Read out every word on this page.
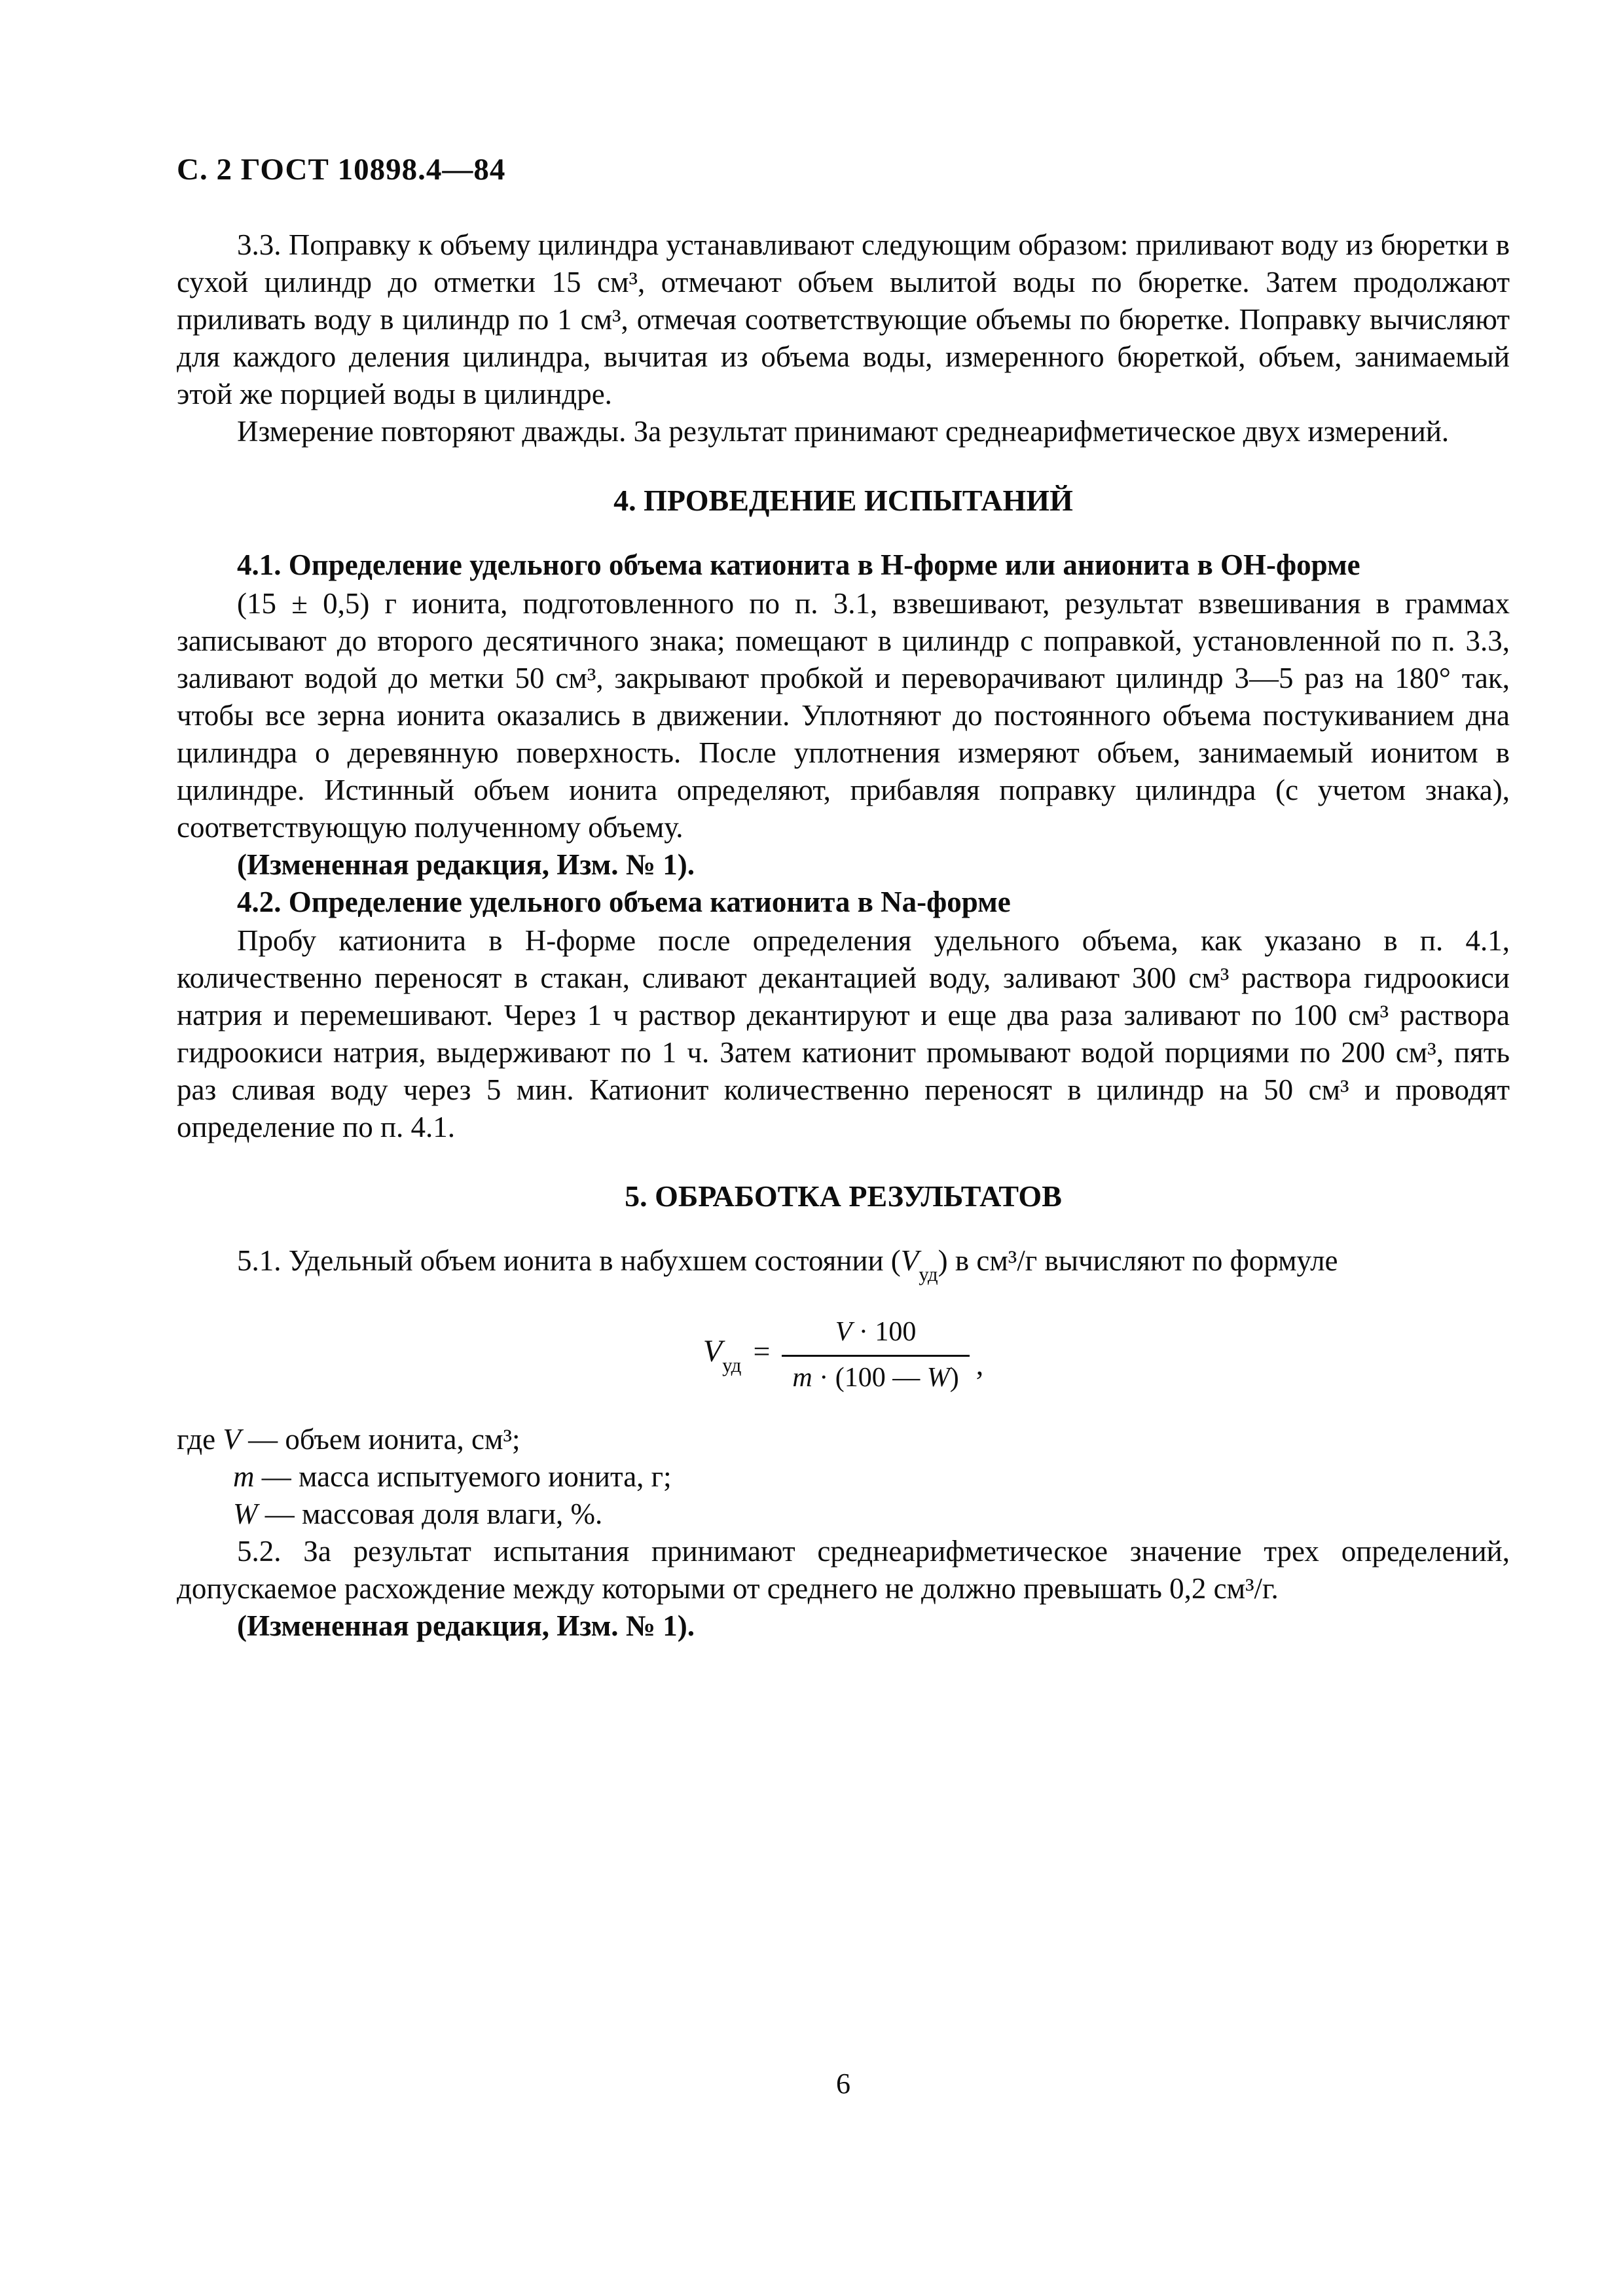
С. 2 ГОСТ 10898.4—84

3.3. Поправку к объему цилиндра устанавливают следующим образом: приливают воду из бюретки в сухой цилиндр до отметки 15 см³, отмечают объем вылитой воды по бюретке. Затем продолжают приливать воду в цилиндр по 1 см³, отмечая соответствующие объемы по бюретке. Поправку вычисляют для каждого деления цилиндра, вычитая из объема воды, измеренного бюреткой, объем, занимаемый этой же порцией воды в цилиндре.

Измерение повторяют дважды. За результат принимают среднеарифметическое двух измерений.

4. ПРОВЕДЕНИЕ ИСПЫТАНИЙ
4.1. Определение удельного объема катионита в Н-форме или анионита в ОН-форме

(15 ± 0,5) г ионита, подготовленного по п. 3.1, взвешивают, результат взвешивания в граммах записывают до второго десятичного знака; помещают в цилиндр с поправкой, установленной по п. 3.3, заливают водой до метки 50 см³, закрывают пробкой и переворачивают цилиндр 3—5 раз на 180° так, чтобы все зерна ионита оказались в движении. Уплотняют до постоянного объема постукиванием дна цилиндра о деревянную поверхность. После уплотнения измеряют объем, занимаемый ионитом в цилиндре. Истинный объем ионита определяют, прибавляя поправку цилиндра (с учетом знака), соответствующую полученному объему.

(Измененная редакция, Изм. № 1).

4.2. Определение удельного объема катионита в Na-форме

Пробу катионита в Н-форме после определения удельного объема, как указано в п. 4.1, количественно переносят в стакан, сливают декантацией воду, заливают 300 см³ раствора гидроокиси натрия и перемешивают. Через 1 ч раствор декантируют и еще два раза заливают по 100 см³ раствора гидроокиси натрия, выдерживают по 1 ч. Затем катионит промывают водой порциями по 200 см³, пять раз сливая воду через 5 мин. Катионит количественно переносят в цилиндр на 50 см³ и проводят определение по п. 4.1.

5. ОБРАБОТКА РЕЗУЛЬТАТОВ

5.1. Удельный объем ионита в набухшем состоянии $(V_{уд})$ в см³/г вычисляют по формуле

$V_{уд} = \frac{V \cdot 100}{m \cdot (100 — W)}$ ,

где V — объем ионита, см³;

m — масса испытуемого ионита, г;

W — массовая доля влаги, %.

5.2. За результат испытания принимают среднеарифметическое значение трех определений, допускаемое расхождение между которыми от среднего не должно превышать 0,2 см³/г.

(Измененная редакция, Изм. № 1).

6
